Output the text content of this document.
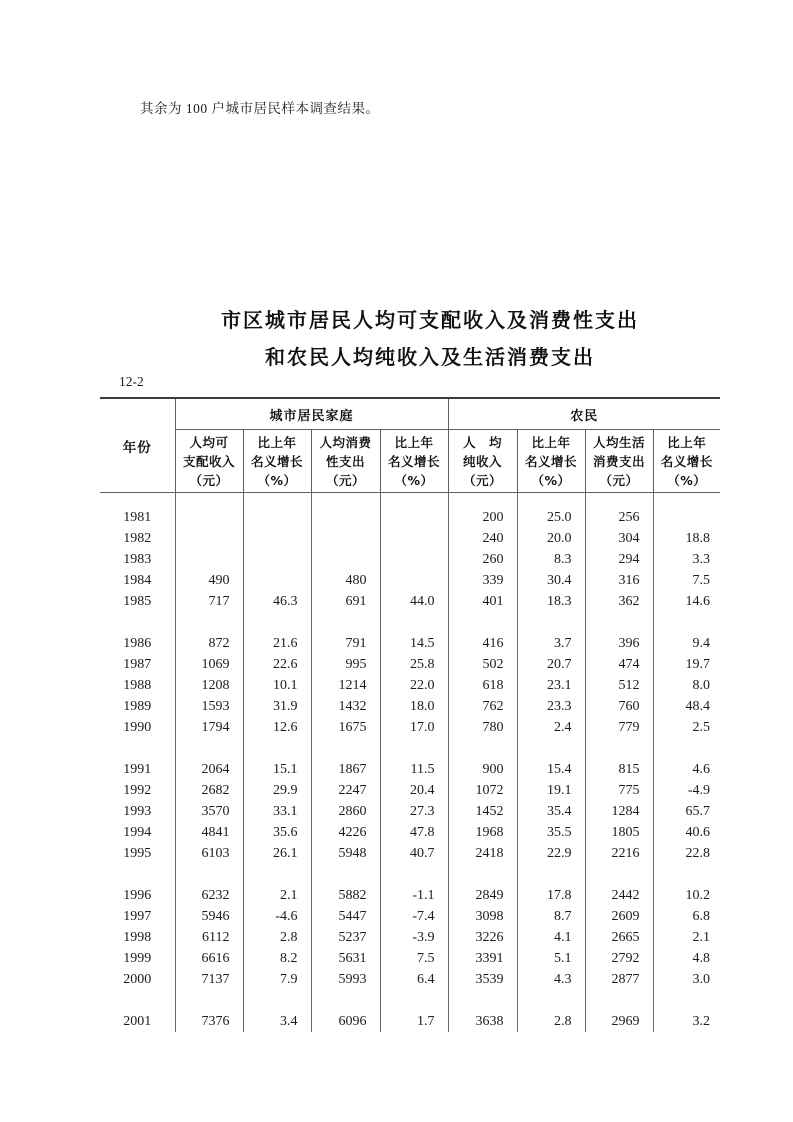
其余为 100 户城市居民样本调查结果。

市区城市居民人均可支配收入及消费性支出
和农民人均纯收入及生活消费支出
12-2
年份	城市居民家庭				农民			

人均可
支配收入
（元）

比上年
名义增长
（%）

人均消费
性支出
（元）

比上年
名义增长
（%）

人　均
纯收入
（元）

比上年
名义增长
（%）

人均生活
消费支出
（元）

比上年
名义增长
（%）

1981					200	25.0	256	
1982					240	20.0	304	18.8
1983					260	8.3	294	3.3
1984	490		480		339	30.4	316	7.5
1985	717	46.3	691	44.0	401	18.3	362	14.6

1986	872	21.6	791	14.5	416	3.7	396	9.4
1987	1069	22.6	995	25.8	502	20.7	474	19.7
1988	1208	10.1	1214	22.0	618	23.1	512	8.0
1989	1593	31.9	1432	18.0	762	23.3	760	48.4
1990	1794	12.6	1675	17.0	780	2.4	779	2.5

1991	2064	15.1	1867	11.5	900	15.4	815	4.6
1992	2682	29.9	2247	20.4	1072	19.1	775	-4.9
1993	3570	33.1	2860	27.3	1452	35.4	1284	65.7
1994	4841	35.6	4226	47.8	1968	35.5	1805	40.6
1995	6103	26.1	5948	40.7	2418	22.9	2216	22.8

1996	6232	2.1	5882	-1.1	2849	17.8	2442	10.2
1997	5946	-4.6	5447	-7.4	3098	8.7	2609	6.8
1998	6112	2.8	5237	-3.9	3226	4.1	2665	2.1
1999	6616	8.2	5631	7.5	3391	5.1	2792	4.8
2000	7137	7.9	5993	6.4	3539	4.3	2877	3.0

2001	7376	3.4	6096	1.7	3638	2.8	2969	3.2
